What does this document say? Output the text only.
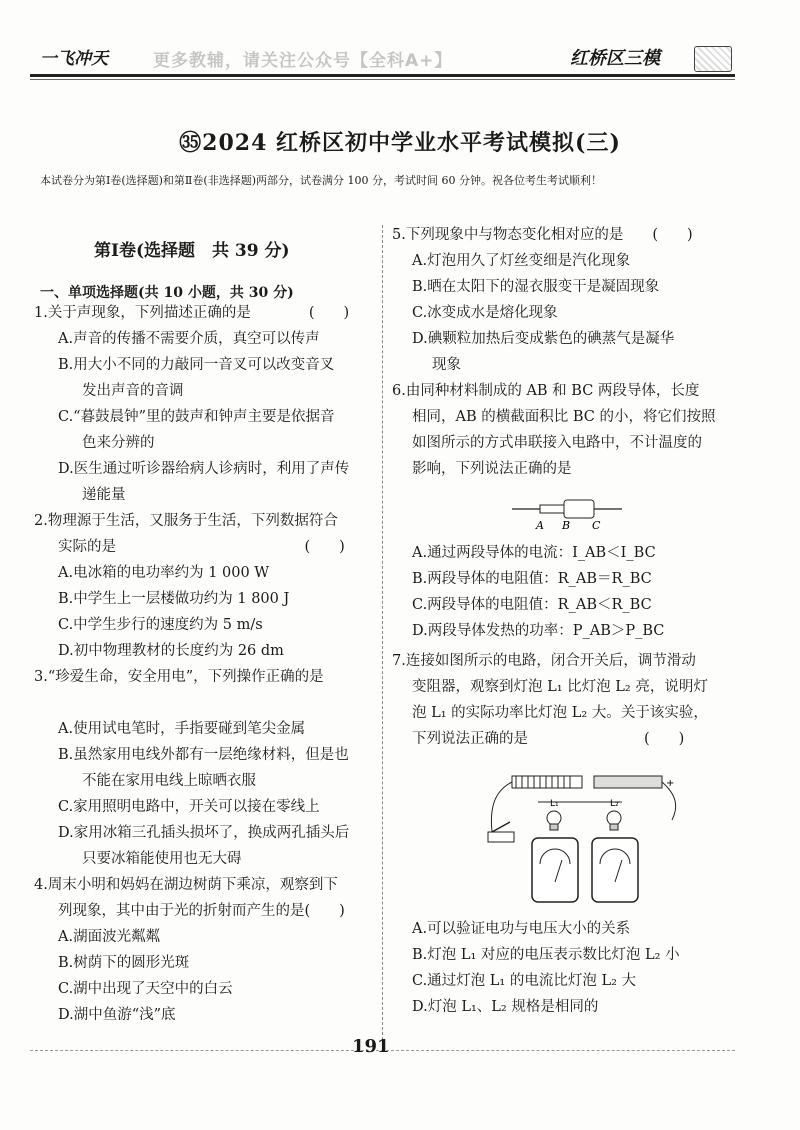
一飞冲天	更多教辅，请关注公众号【全科A+】	红桥区三模
㉟2024 红桥区初中学业水平考试模拟(三)
本试卷分为第Ⅰ卷(选择题)和第Ⅱ卷(非选择题)两部分，试卷满分 100 分，考试时间 60 分钟。祝各位考生考试顺利！
第Ⅰ卷(选择题　共 39 分)
一、单项选择题(共 10 小题，共 30 分)
1.关于声现象，下列描述正确的是　　　　(　　)
A.声音的传播不需要介质，真空可以传声
B.用大小不同的力敲同一音叉可以改变音叉
发出声音的音调
C.“暮鼓晨钟”里的鼓声和钟声主要是依据音
色来分辨的
D.医生通过听诊器给病人诊病时，利用了声传
递能量
2.物理源于生活，又服务于生活，下列数据符合
实际的是　　　　　　　　　　　　　(　　)
A.电冰箱的电功率约为 1 000 W
B.中学生上一层楼做功约为 1 800 J
C.中学生步行的速度约为 5 m/s
D.初中物理教材的长度约为 26 dm
3.“珍爱生命，安全用电”，下列操作正确的是
A.使用试电笔时，手指要碰到笔尖金属
B.虽然家用电线外都有一层绝缘材料，但是也
不能在家用电线上晾晒衣服
C.家用照明电路中，开关可以接在零线上
D.家用冰箱三孔插头损坏了，换成两孔插头后
只要冰箱能使用也无大碍
4.周末小明和妈妈在湖边树荫下乘凉，观察到下
列现象，其中由于光的折射而产生的是(　　)
A.湖面波光粼粼
B.树荫下的圆形光斑
C.湖中出现了天空中的白云
D.湖中鱼游“浅”底
5.下列现象中与物态变化相对应的是　　(　　)
A.灯泡用久了灯丝变细是汽化现象
B.晒在太阳下的湿衣服变干是凝固现象
C.冰变成水是熔化现象
D.碘颗粒加热后变成紫色的碘蒸气是凝华
现象
6.由同种材料制成的 AB 和 BC 两段导体，长度
相同，AB 的横截面积比 BC 的小，将它们按照
如图所示的方式串联接入电路中，不计温度的
影响，下列说法正确的是
A B C
A.通过两段导体的电流：I_AB＜I_BC
B.两段导体的电阻值：R_AB＝R_BC
C.两段导体的电阻值：R_AB＜R_BC
D.两段导体发热的功率：P_AB＞P_BC
7.连接如图所示的电路，闭合开关后，调节滑动
变阻器，观察到灯泡 L₁ 比灯泡 L₂ 亮，说明灯
泡 L₁ 的实际功率比灯泡 L₂ 大。关于该实验，
下列说法正确的是　　　　　　　　(　　)
+
L₁	L₂
A.可以验证电功与电压大小的关系
B.灯泡 L₁ 对应的电压表示数比灯泡 L₂ 小
C.通过灯泡 L₁ 的电流比灯泡 L₂ 大
D.灯泡 L₁、L₂ 规格是相同的
191
